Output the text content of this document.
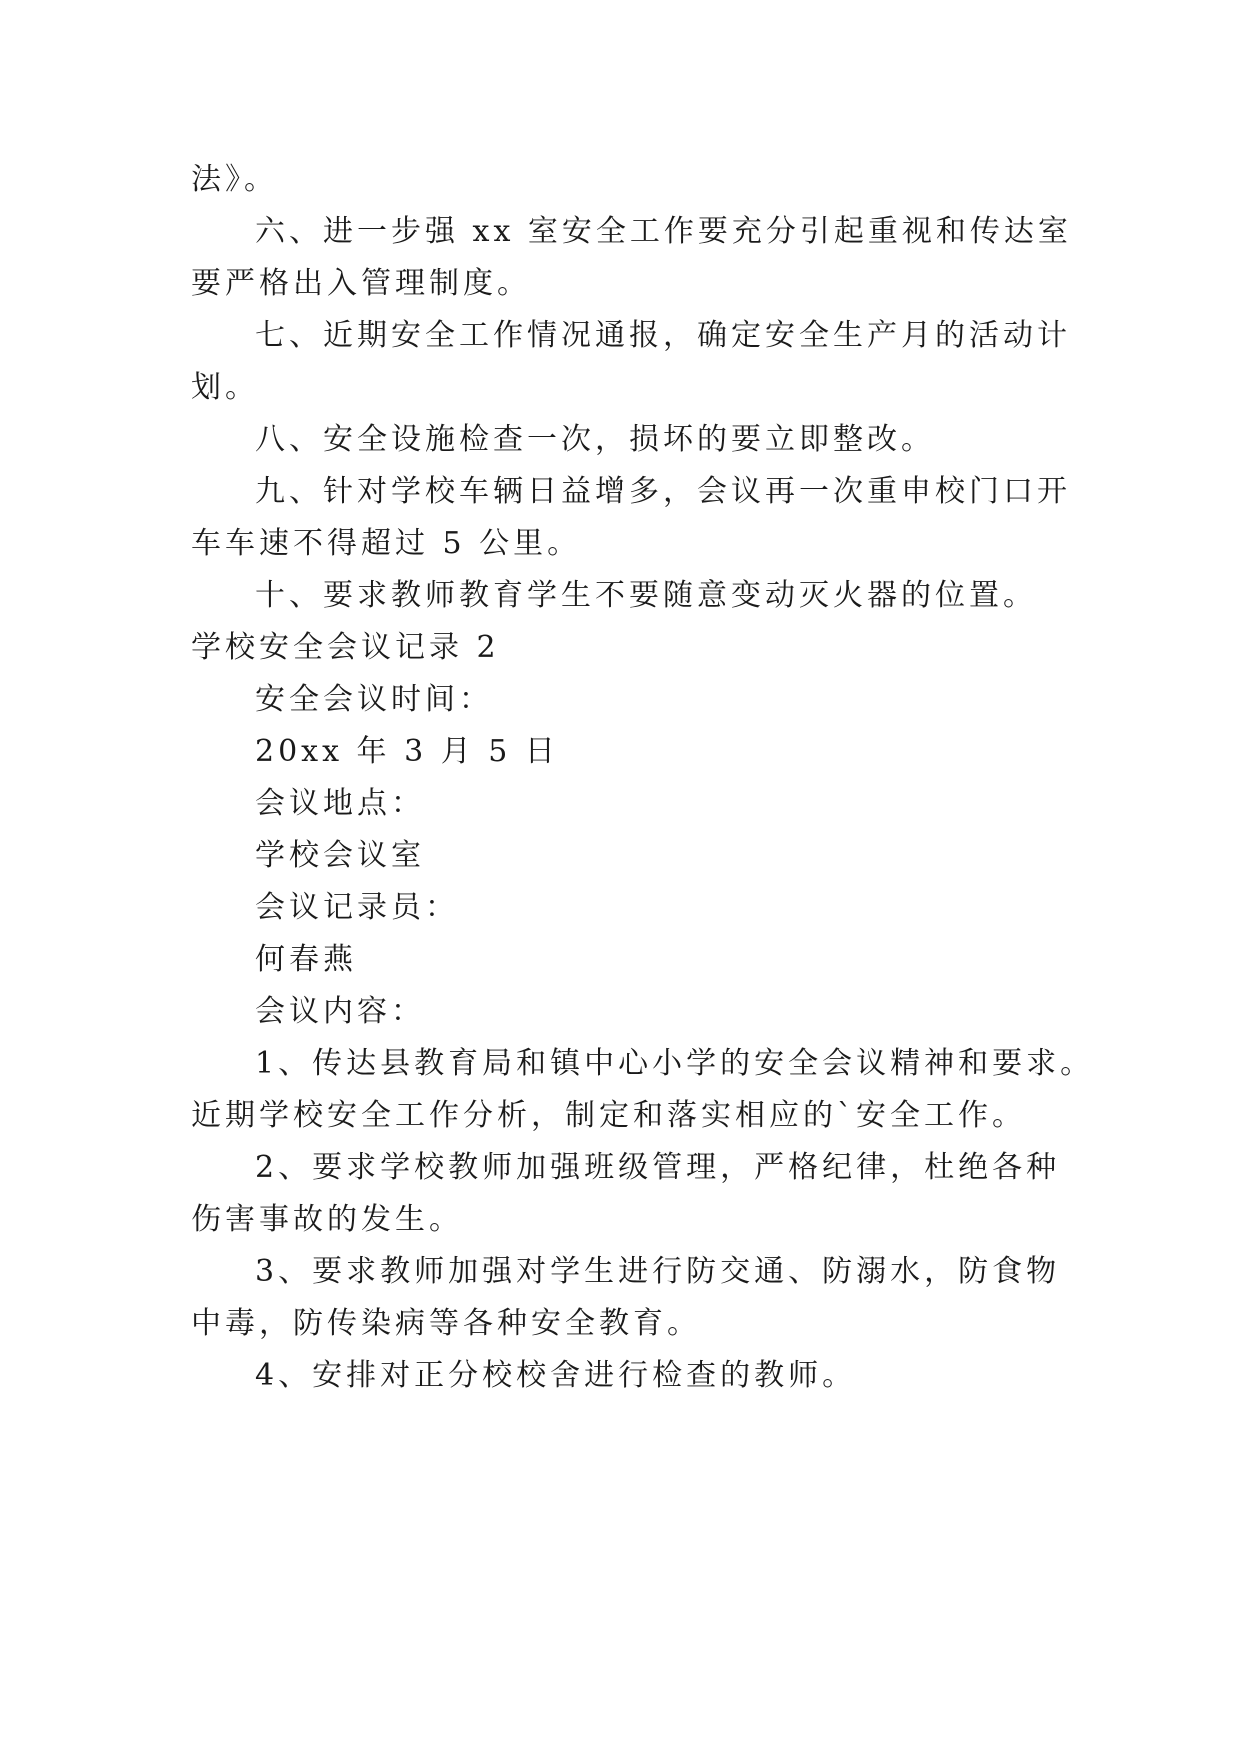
法》。
六、进一步强 xx 室安全工作要充分引起重视和传达室
要严格出入管理制度。
七、近期安全工作情况通报，确定安全生产月的活动计
划。
八、安全设施检查一次，损坏的要立即整改。
九、针对学校车辆日益增多，会议再一次重申校门口开
车车速不得超过 5 公里。
十、要求教师教育学生不要随意变动灭火器的位置。
学校安全会议记录 2
安全会议时间：
20xx 年 3 月 5 日
会议地点：
学校会议室
会议记录员：
何春燕
会议内容：
1、传达县教育局和镇中心小学的安全会议精神和要求。
近期学校安全工作分析，制定和落实相应的`安全工作。
2、要求学校教师加强班级管理，严格纪律，杜绝各种
伤害事故的发生。
3、要求教师加强对学生进行防交通、防溺水，防食物
中毒，防传染病等各种安全教育。
4、安排对正分校校舍进行检查的教师。
